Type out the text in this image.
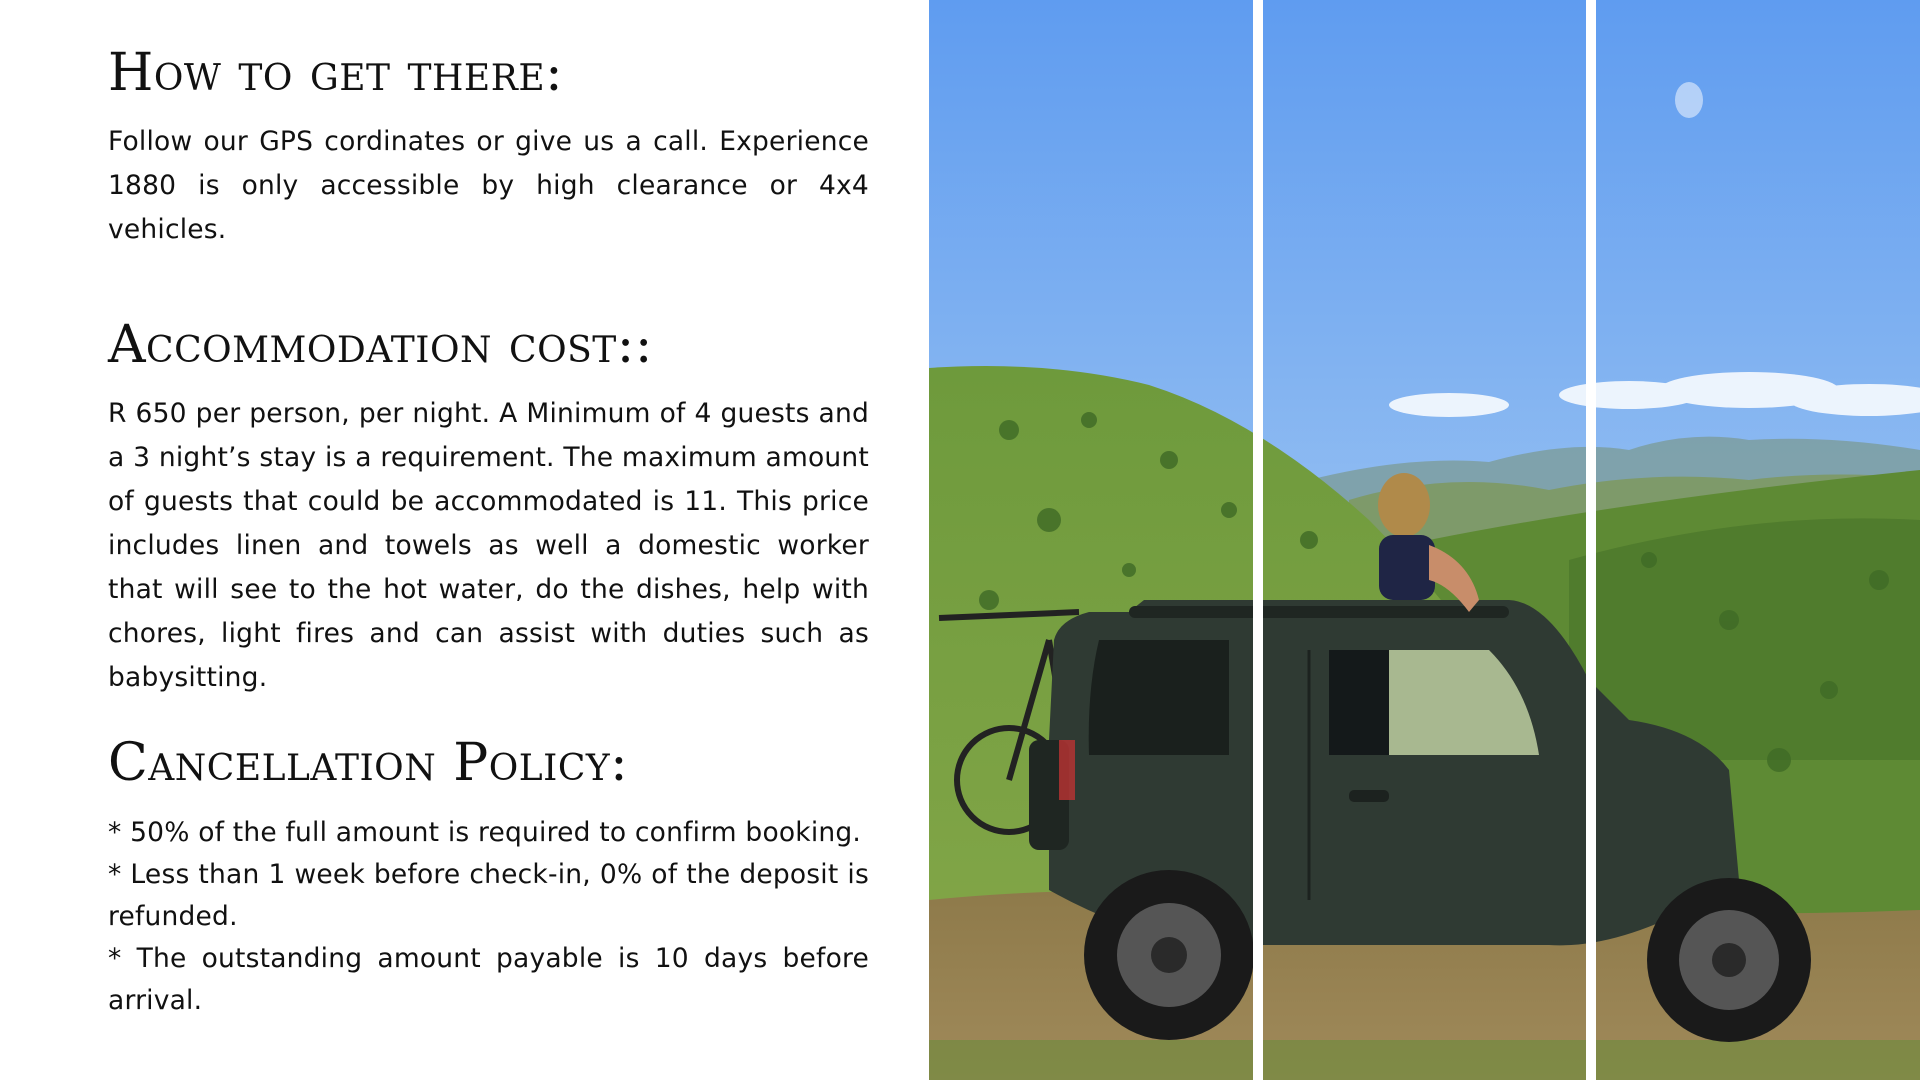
How to get there:

Follow our GPS cordinates or give us a call. Experience 1880 is only accessible by high clearance or 4x4 vehicles.

Accommodation cost::

R 650 per person, per night. A Minimum of 4 guests and a 3 night’s stay is a requirement. The maximum amount of guests that could be accommodated is 11. This price includes linen and towels as well a domestic worker that will see to the hot water, do the dishes, help with chores, light fires and can assist with duties such as babysitting.

Cancellation Policy:
* 50% of the full amount is required to confirm booking.
* Less than 1 week before check-in, 0% of the deposit is refunded.
* The outstanding amount payable is 10 days before arrival.
